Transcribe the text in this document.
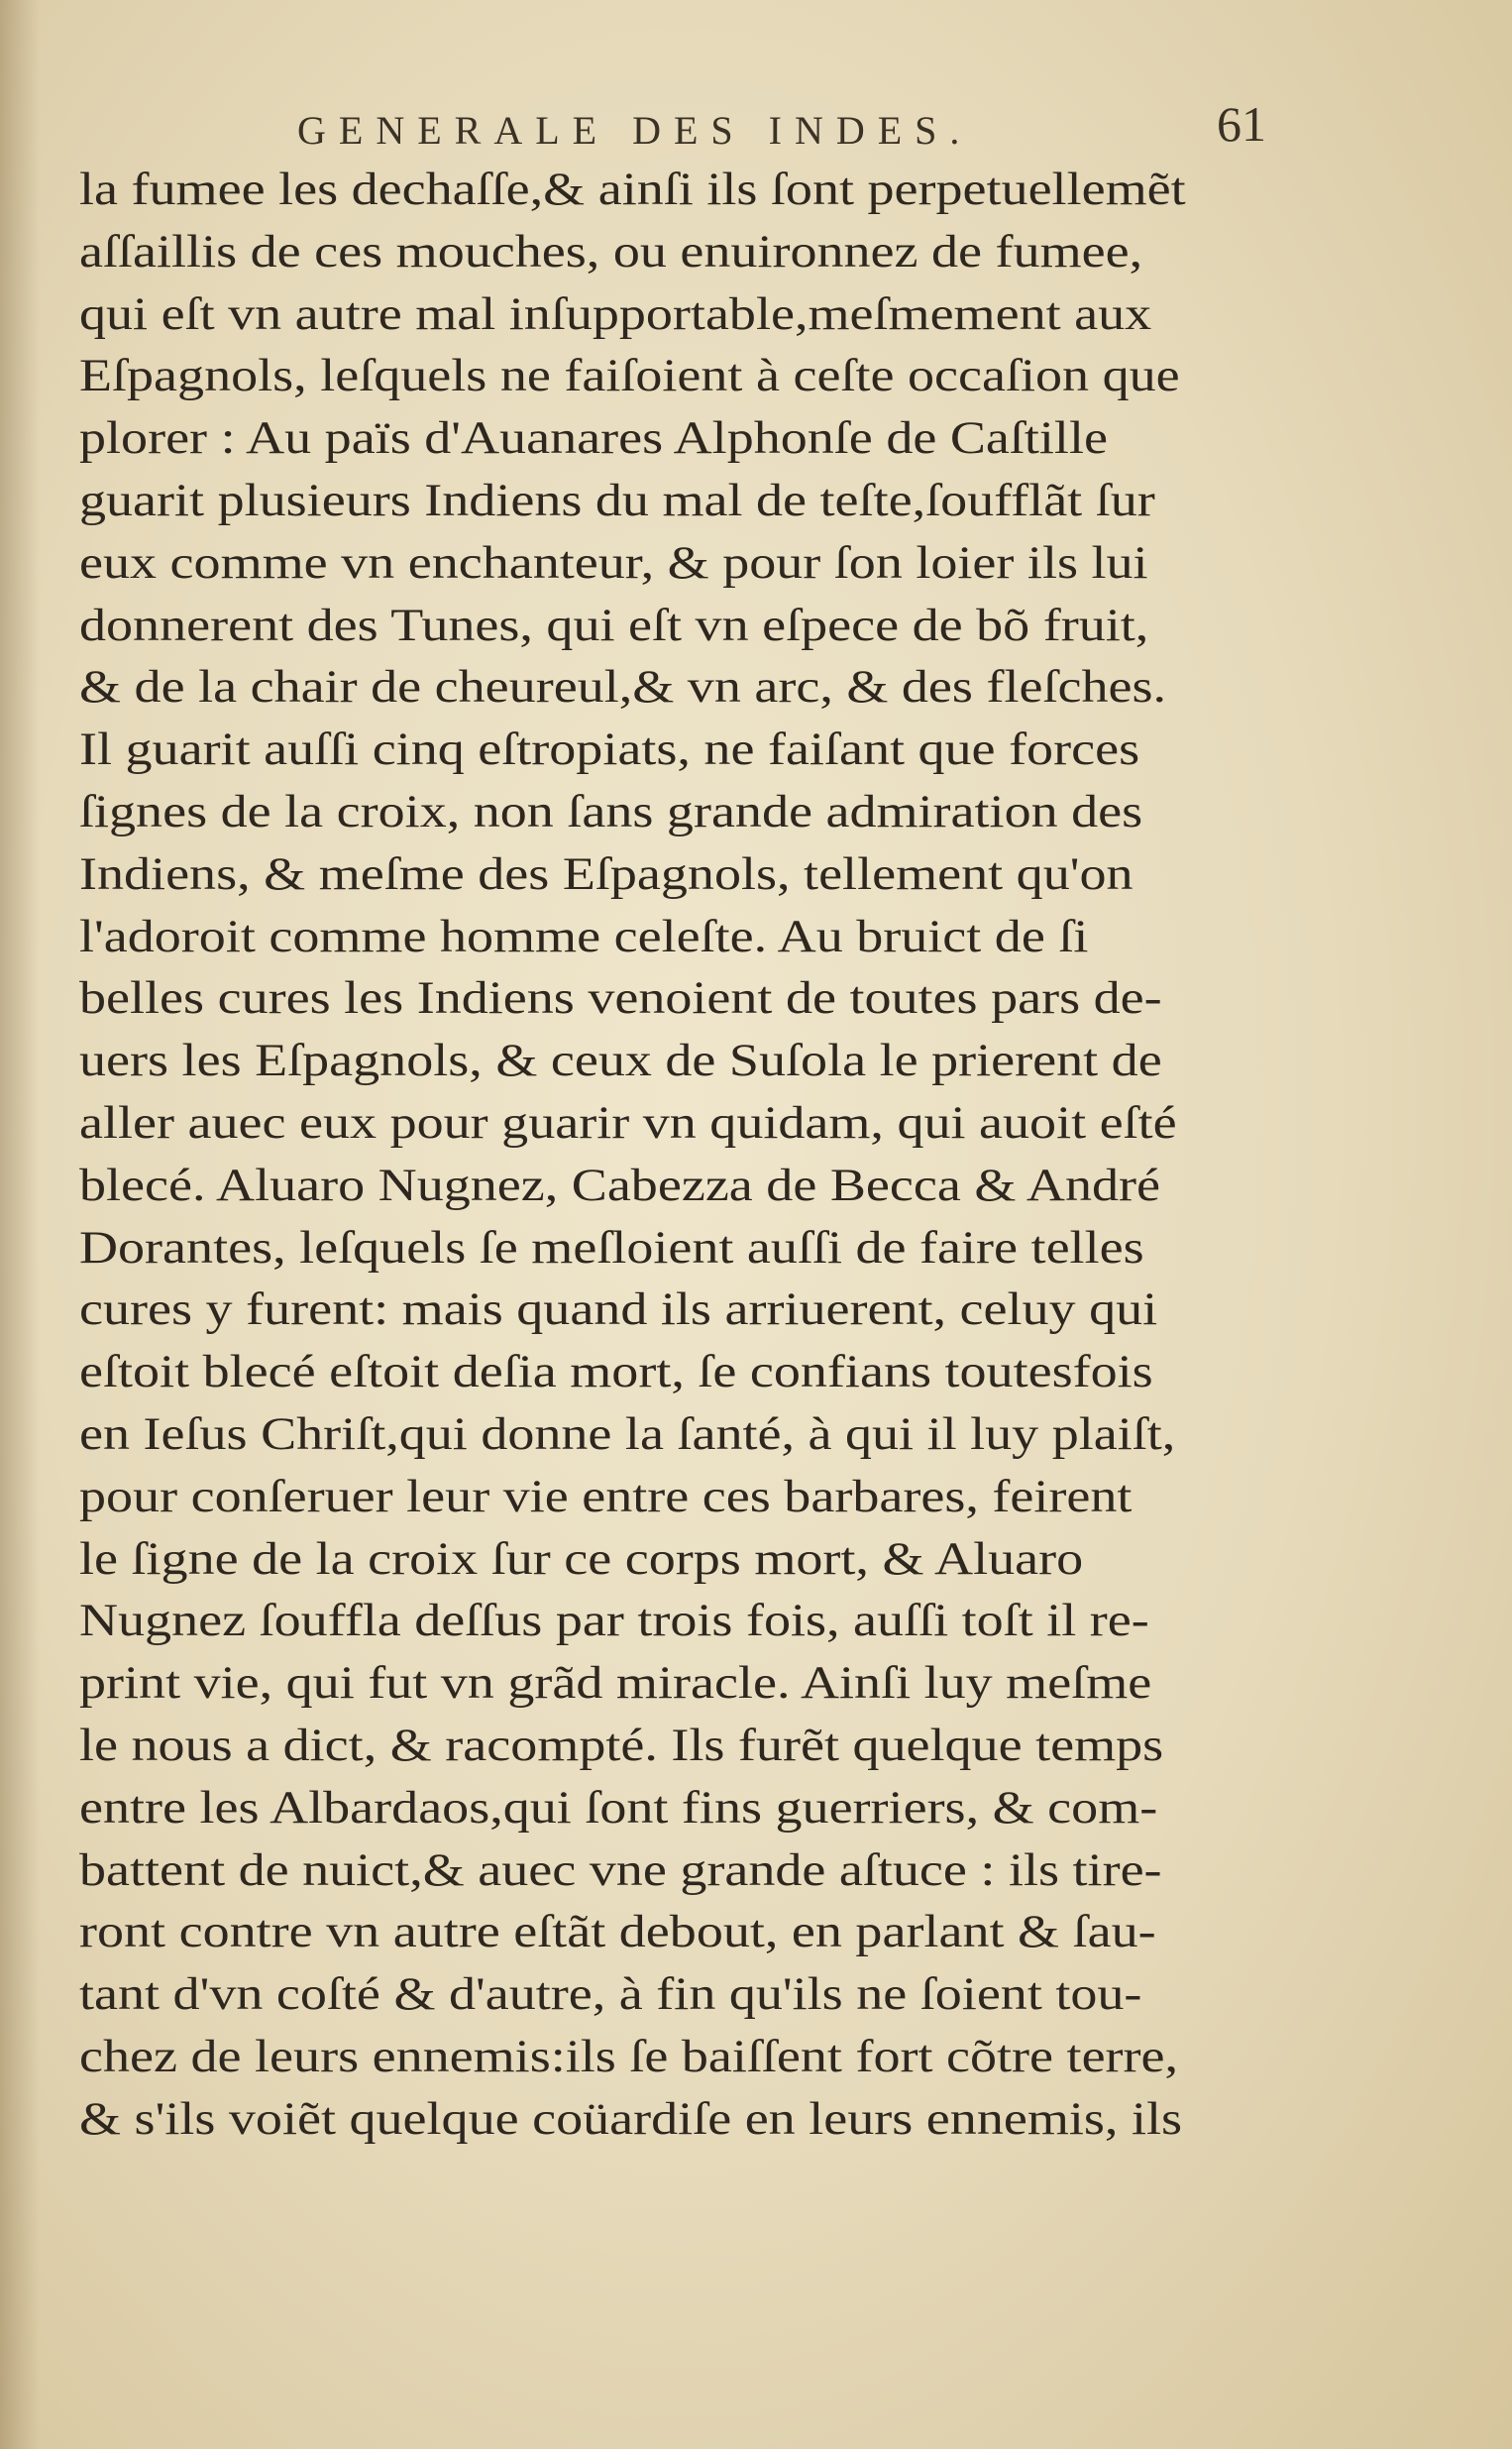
GENERALE DES INDES.	61
la fumee les dechaſſe,& ainſi ils ſont perpetuellemẽt
aſſaillis de ces mouches, ou enuironnez de fumee,
qui eſt vn autre mal inſupportable,meſmement aux
Eſpagnols, leſquels ne faiſoient à ceſte occaſion que
plorer : Au païs d'Auanares Alphonſe de Caſtille
guarit plusieurs Indiens du mal de teſte,ſoufflãt ſur
eux comme vn enchanteur, & pour ſon loier ils lui
donnerent des Tunes, qui eſt vn eſpece de bõ fruit,
& de la chair de cheureul,& vn arc, & des fleſches.
Il guarit auſſi cinq eſtropiats, ne faiſant que forces
ſignes de la croix, non ſans grande admiration des
Indiens, & meſme des Eſpagnols, tellement qu'on
l'adoroit comme homme celeſte. Au bruict de ſi
belles cures les Indiens venoient de toutes pars de-
uers les Eſpagnols, & ceux de Suſola le prierent de
aller auec eux pour guarir vn quidam, qui auoit eſté
blecé. Aluaro Nugnez, Cabezza de Becca & André
Dorantes, leſquels ſe meſloient auſſi de faire telles
cures y furent: mais quand ils arriuerent, celuy qui
eſtoit blecé eſtoit deſia mort, ſe confians toutesfois
en Ieſus Chriſt,qui donne la ſanté, à qui il luy plaiſt,
pour conſeruer leur vie entre ces barbares, feirent
le ſigne de la croix ſur ce corps mort, & Aluaro
Nugnez ſouffla deſſus par trois fois, auſſi toſt il re-
print vie, qui fut vn grãd miracle. Ainſi luy meſme
le nous a dict, & racompté. Ils furẽt quelque temps
entre les Albardaos,qui ſont fins guerriers, & com-
battent de nuict,& auec vne grande aſtuce : ils tire-
ront contre vn autre eſtãt debout, en parlant & ſau-
tant d'vn coſté & d'autre, à fin qu'ils ne ſoient tou-
chez de leurs ennemis:ils ſe baiſſent fort cõtre terre,
& s'ils voiẽt quelque coüardiſe en leurs ennemis, ils
